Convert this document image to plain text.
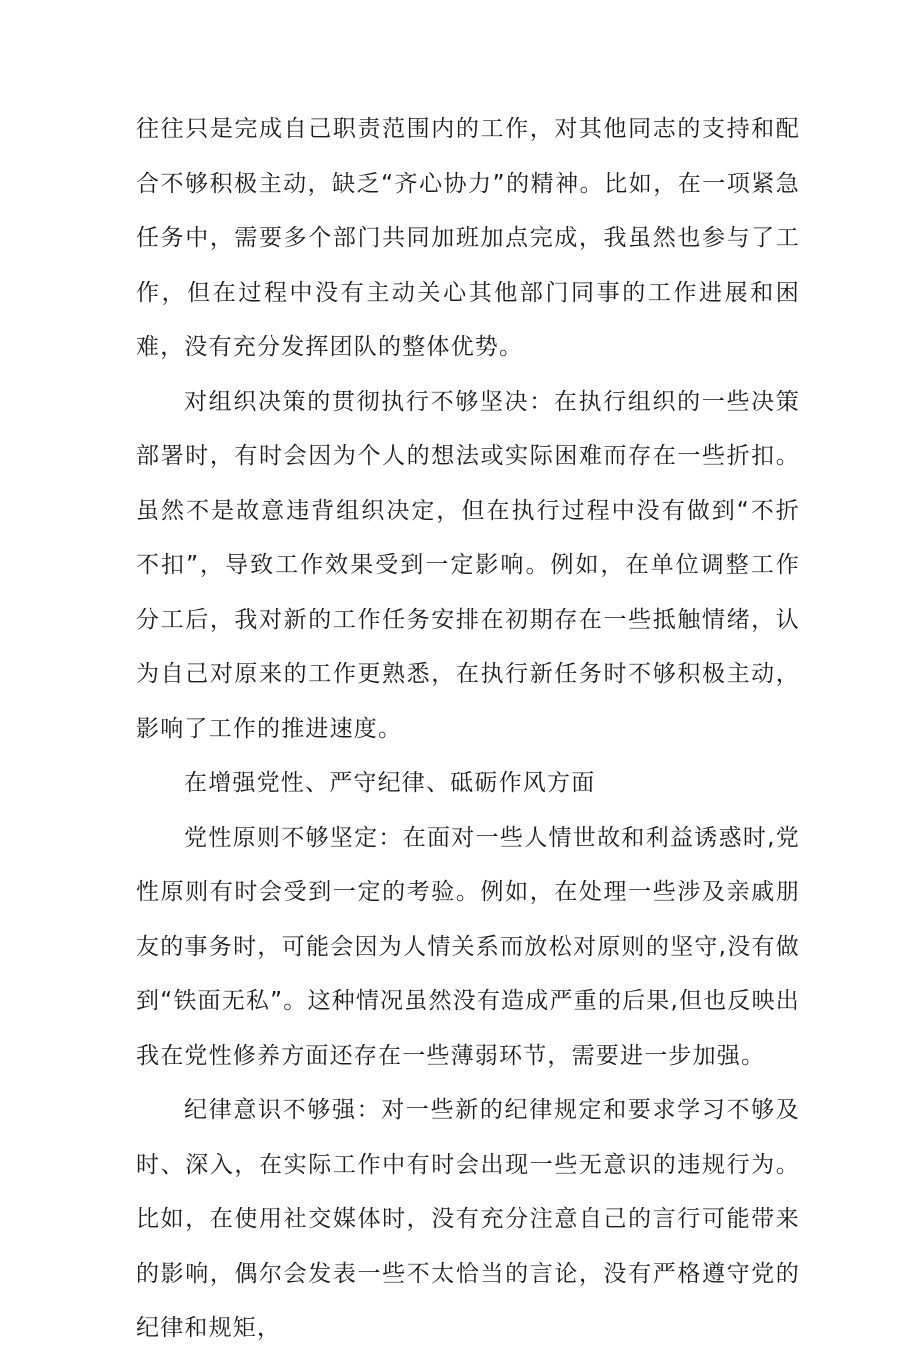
往往只是完成自己职责范围内的工作，对其他同志的支持和配合不够积极主动，缺乏“齐心协力”的精神。比如，在一项紧急任务中，需要多个部门共同加班加点完成，我虽然也参与了工作，但在过程中没有主动关心其他部门同事的工作进展和困难，没有充分发挥团队的整体优势。

对组织决策的贯彻执行不够坚决：在执行组织的一些决策部署时，有时会因为个人的想法或实际困难而存在一些折扣。虽然不是故意违背组织决定，但在执行过程中没有做到“不折不扣”，导致工作效果受到一定影响。例如，在单位调整工作分工后，我对新的工作任务安排在初期存在一些抵触情绪，认为自己对原来的工作更熟悉，在执行新任务时不够积极主动，影响了工作的推进速度。

在增强党性、严守纪律、砥砺作风方面

党性原则不够坚定：在面对一些人情世故和利益诱惑时,党性原则有时会受到一定的考验。例如，在处理一些涉及亲戚朋友的事务时，可能会因为人情关系而放松对原则的坚守,没有做到“铁面无私”。这种情况虽然没有造成严重的后果,但也反映出我在党性修养方面还存在一些薄弱环节，需要进一步加强。

纪律意识不够强：对一些新的纪律规定和要求学习不够及时、深入，在实际工作中有时会出现一些无意识的违规行为。比如，在使用社交媒体时，没有充分注意自己的言行可能带来的影响，偶尔会发表一些不太恰当的言论，没有严格遵守党的纪律和规矩，
